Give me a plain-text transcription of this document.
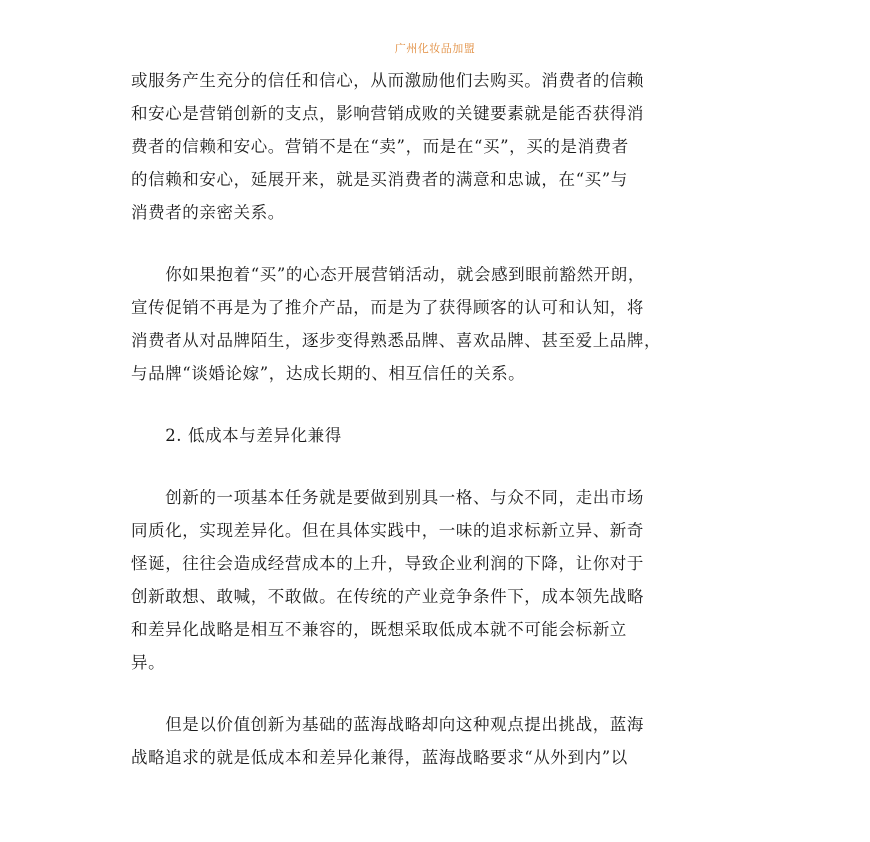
广州化妆品加盟
或服务产生充分的信任和信心，从而激励他们去购买。消费者的信赖
和安心是营销创新的支点，影响营销成败的关键要素就是能否获得消
费者的信赖和安心。营销不是在“卖”，而是在“买”，买的是消费者
的信赖和安心，延展开来，就是买消费者的满意和忠诚，在“买”与
消费者的亲密关系。
　　你如果抱着“买”的心态开展营销活动，就会感到眼前豁然开朗，
宣传促销不再是为了推介产品，而是为了获得顾客的认可和认知，将
消费者从对品牌陌生，逐步变得熟悉品牌、喜欢品牌、甚至爱上品牌，
与品牌“谈婚论嫁”，达成长期的、相互信任的关系。
　　2. 低成本与差异化兼得
　　创新的一项基本任务就是要做到别具一格、与众不同，走出市场
同质化，实现差异化。但在具体实践中，一味的追求标新立异、新奇
怪诞，往往会造成经营成本的上升，导致企业利润的下降，让你对于
创新敢想、敢喊，不敢做。在传统的产业竞争条件下，成本领先战略
和差异化战略是相互不兼容的，既想采取低成本就不可能会标新立
异。
　　但是以价值创新为基础的蓝海战略却向这种观点提出挑战，蓝海
战略追求的就是低成本和差异化兼得，蓝海战略要求“从外到内”以
